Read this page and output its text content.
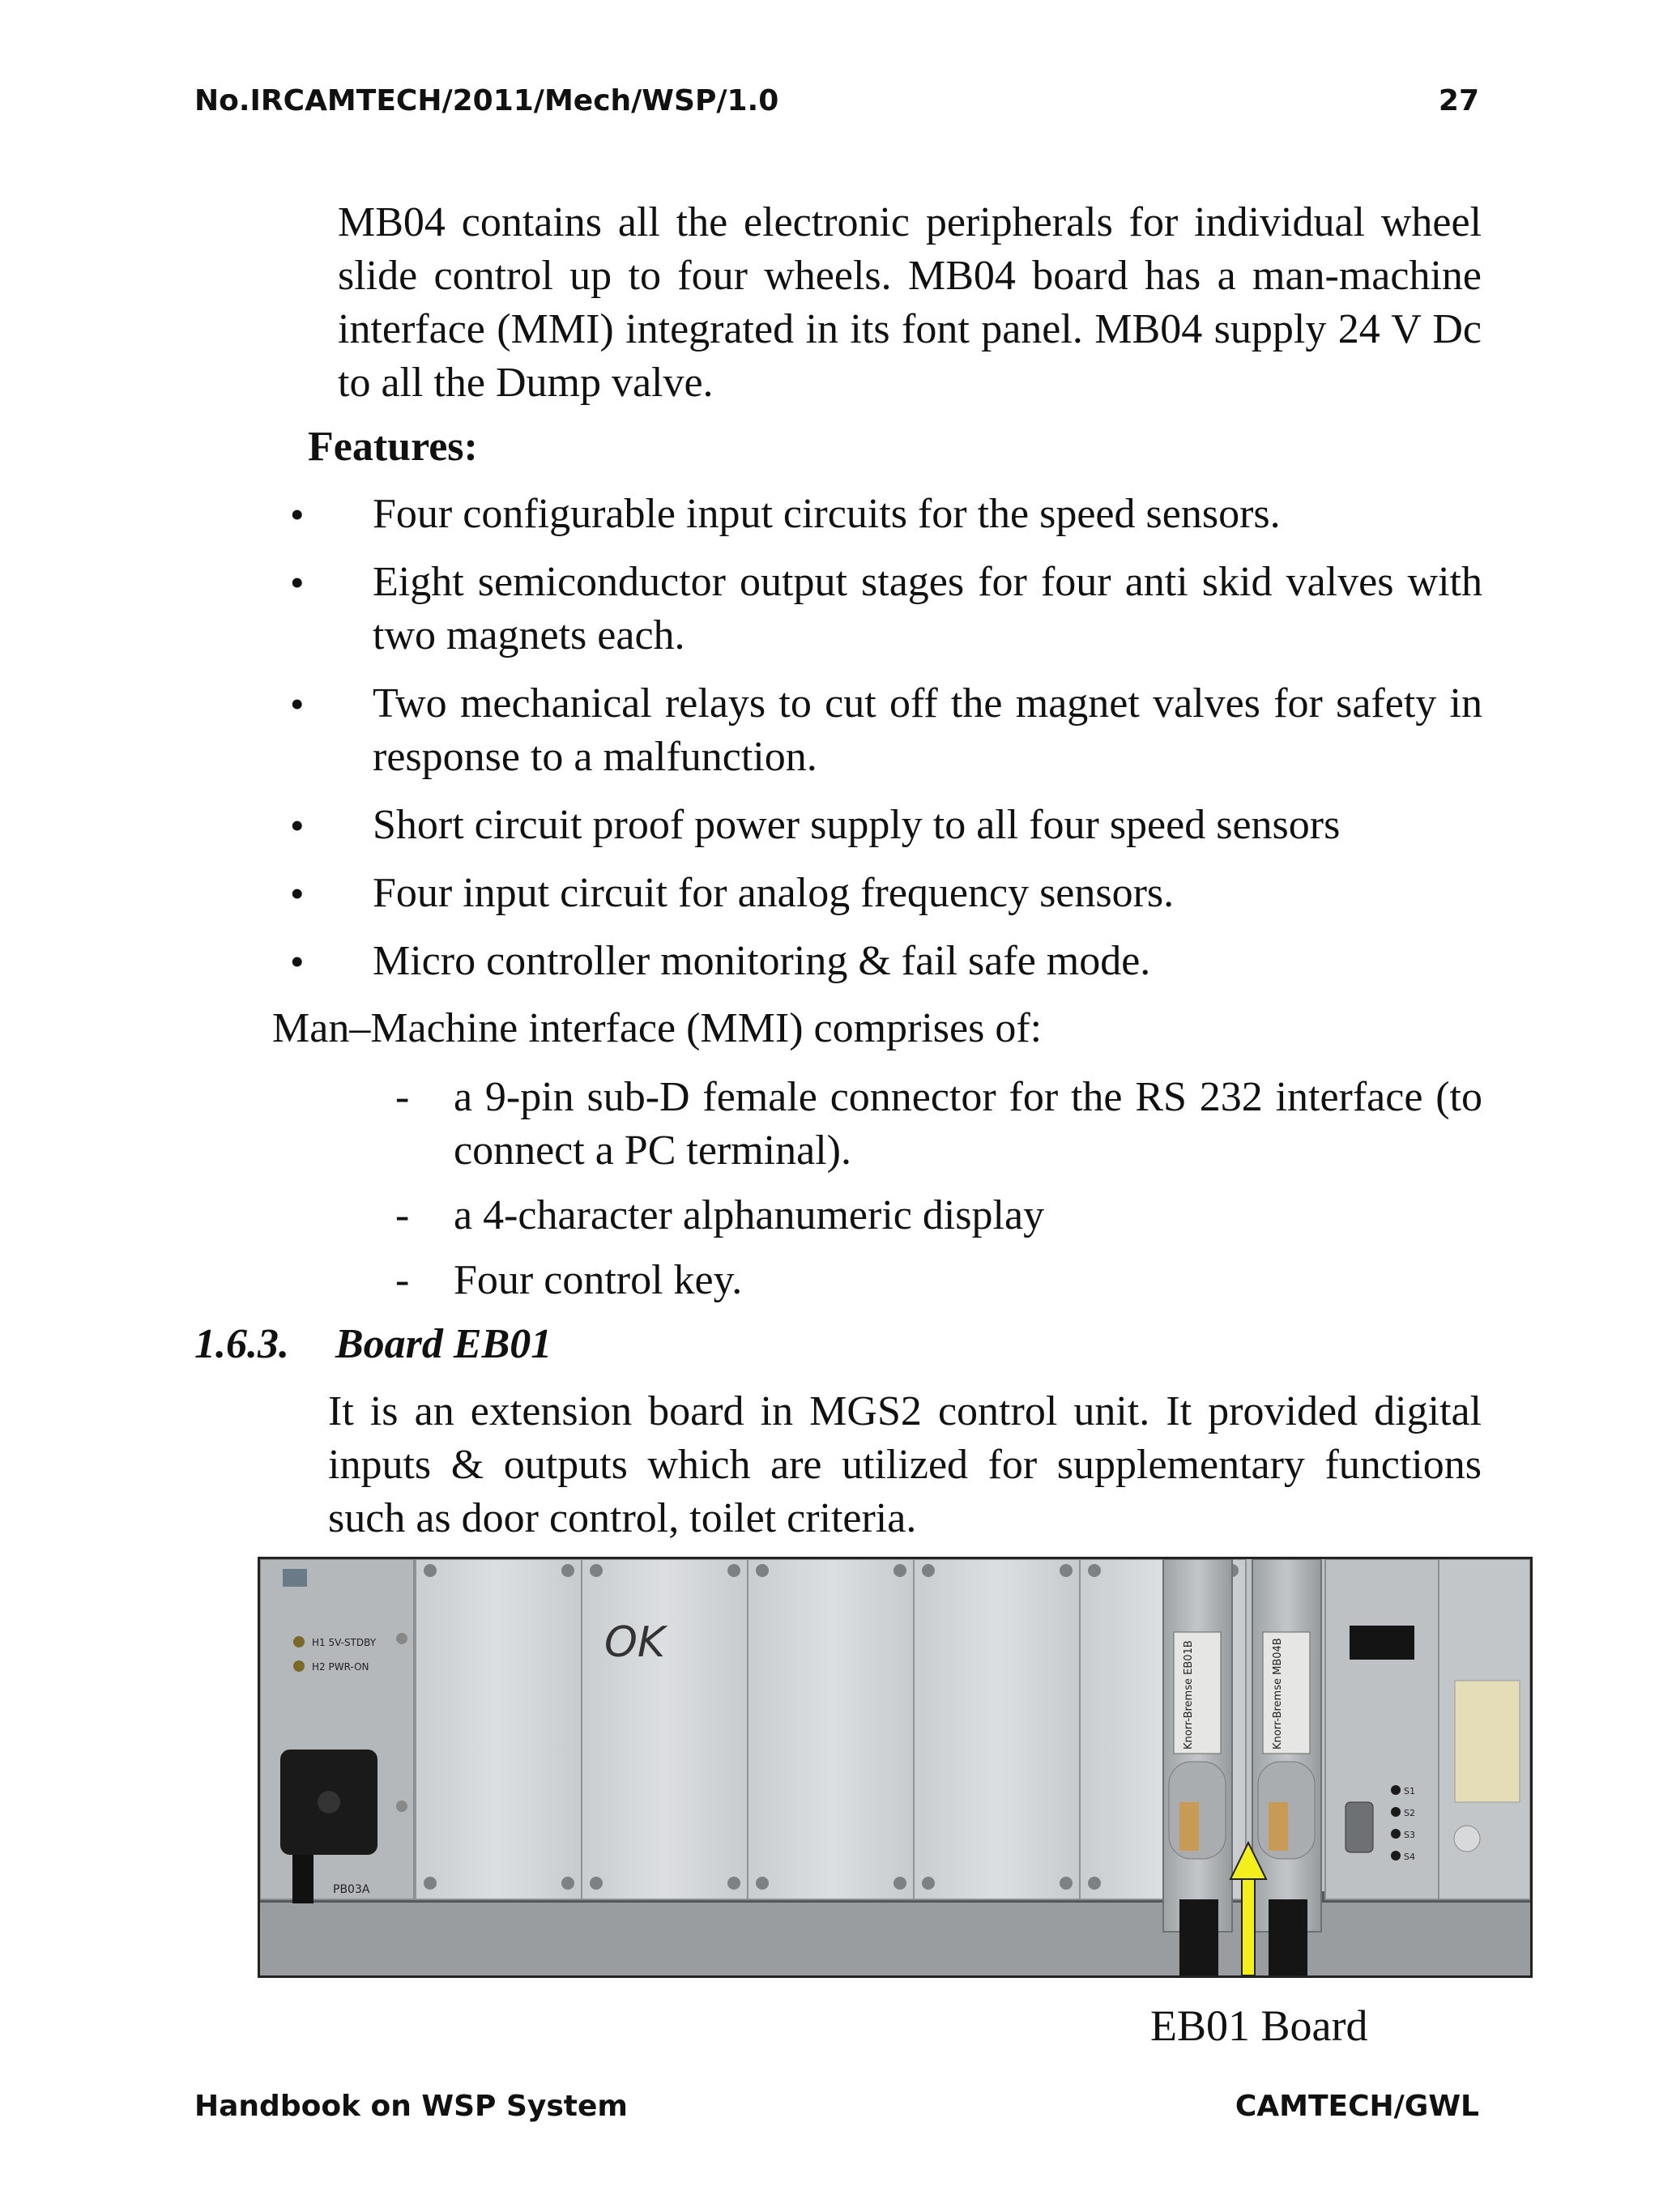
No.IRCAMTECH/2011/Mech/WSP/1.0	27
MB04 contains all the electronic peripherals for individual wheel slide control up to four wheels. MB04 board has a man-machine interface (MMI) integrated in its font panel. MB04 supply 24 V Dc to all the Dump valve.
Features:
• Four configurable input circuits for the speed sensors.
• Eight semiconductor output stages for four anti skid valves with two magnets each.
• Two mechanical relays to cut off the magnet valves for safety in response to a malfunction.
• Short circuit proof power supply to all four speed sensors
• Four input circuit for analog frequency sensors.
• Micro controller monitoring & fail safe mode.
Man–Machine interface (MMI) comprises of:
- a 9-pin sub-D female connector for the RS 232 interface (to connect a PC terminal).
- a 4-character alphanumeric display
- Four control key.
1.6.3. Board EB01
It is an extension board in MGS2 control unit. It provided digital inputs & outputs which are utilized for supplementary functions such as door control, toilet criteria.
H1 5V-STDBY
H2 PWR-ON
PB03A
OK	Knorr-Bremse EB01B	Knorr-Bremse MB04B
S1
S2
S3
S4
EB01 Board
Handbook on WSP System	CAMTECH/GWL
